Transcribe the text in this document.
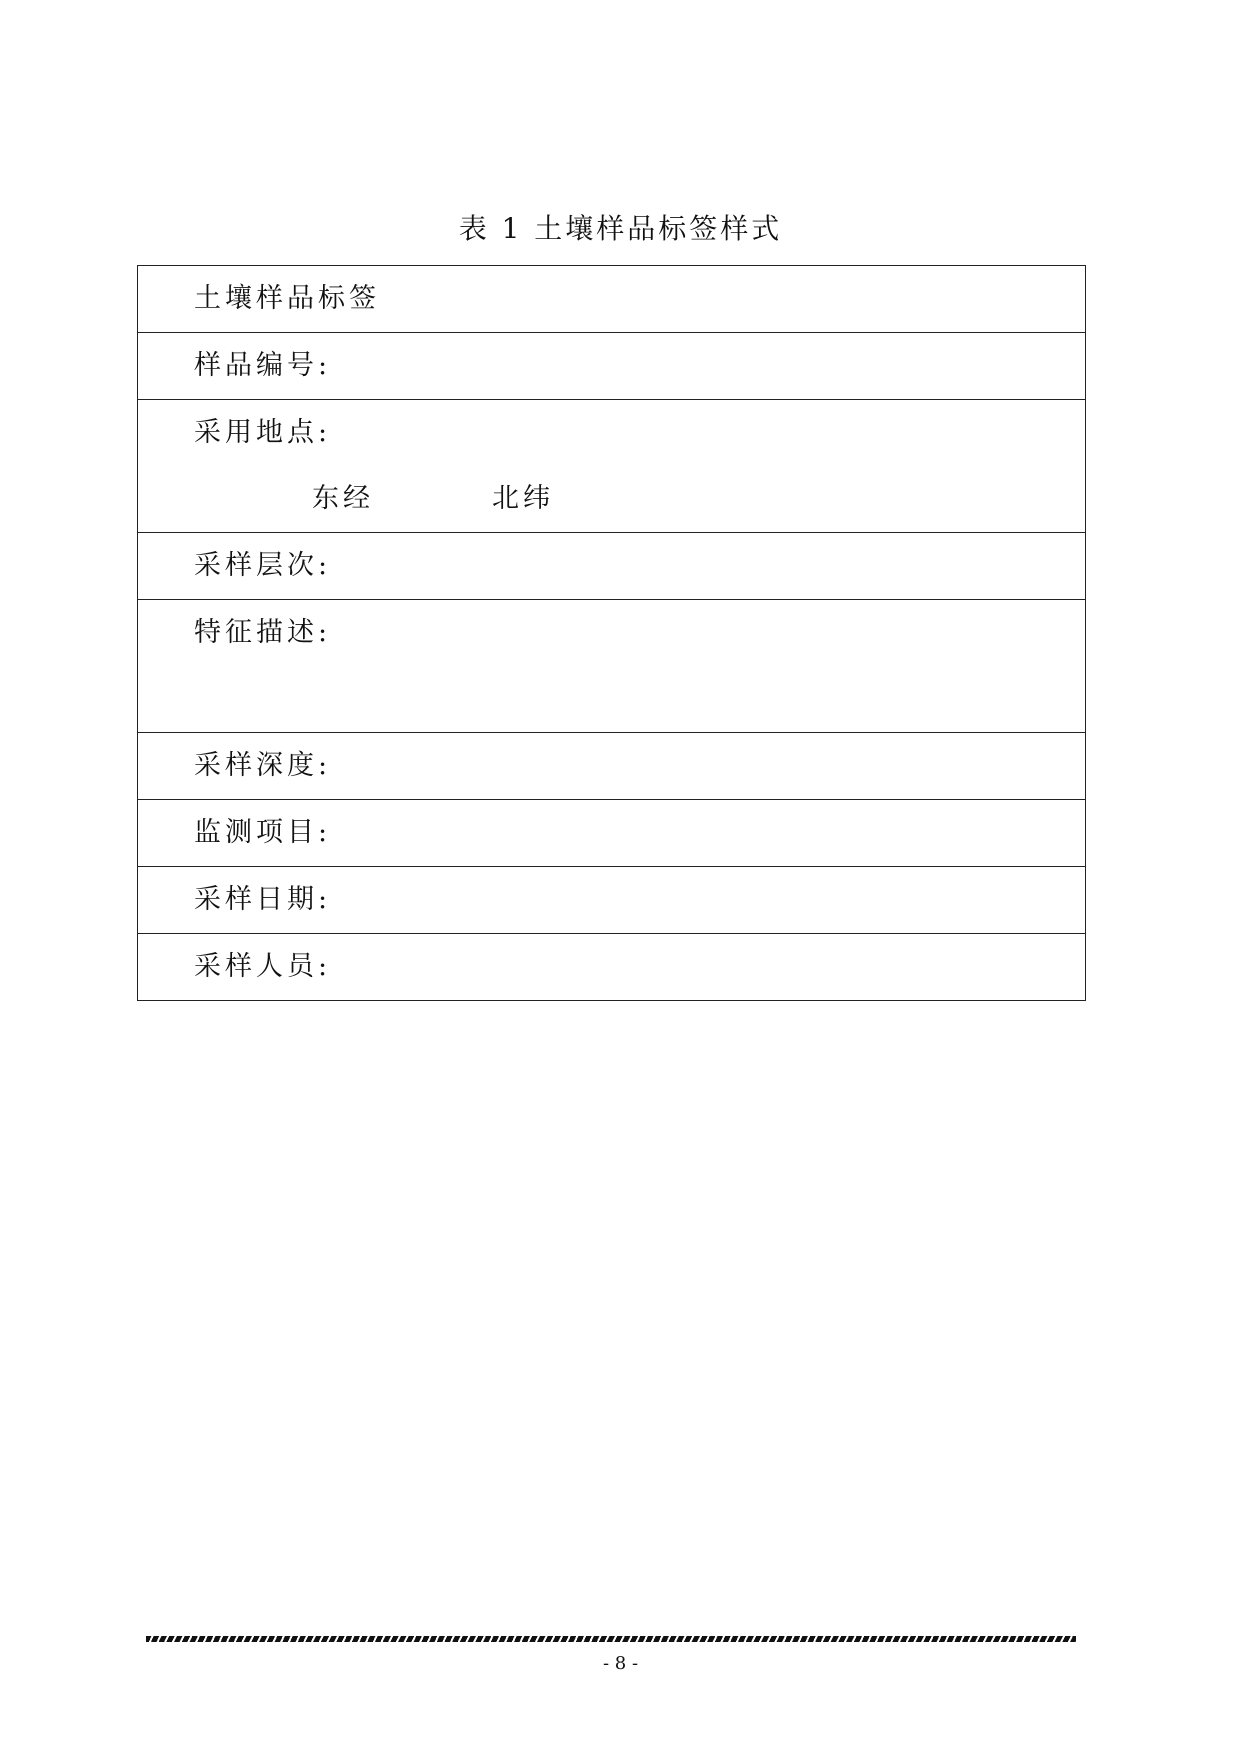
表 1 土壤样品标签样式
土壤样品标签
样品编号:

采用地点:
东经	北纬

采样层次:

特征描述:

采样深度:
监测项目:
采样日期:
采样人员:
- 8 -
